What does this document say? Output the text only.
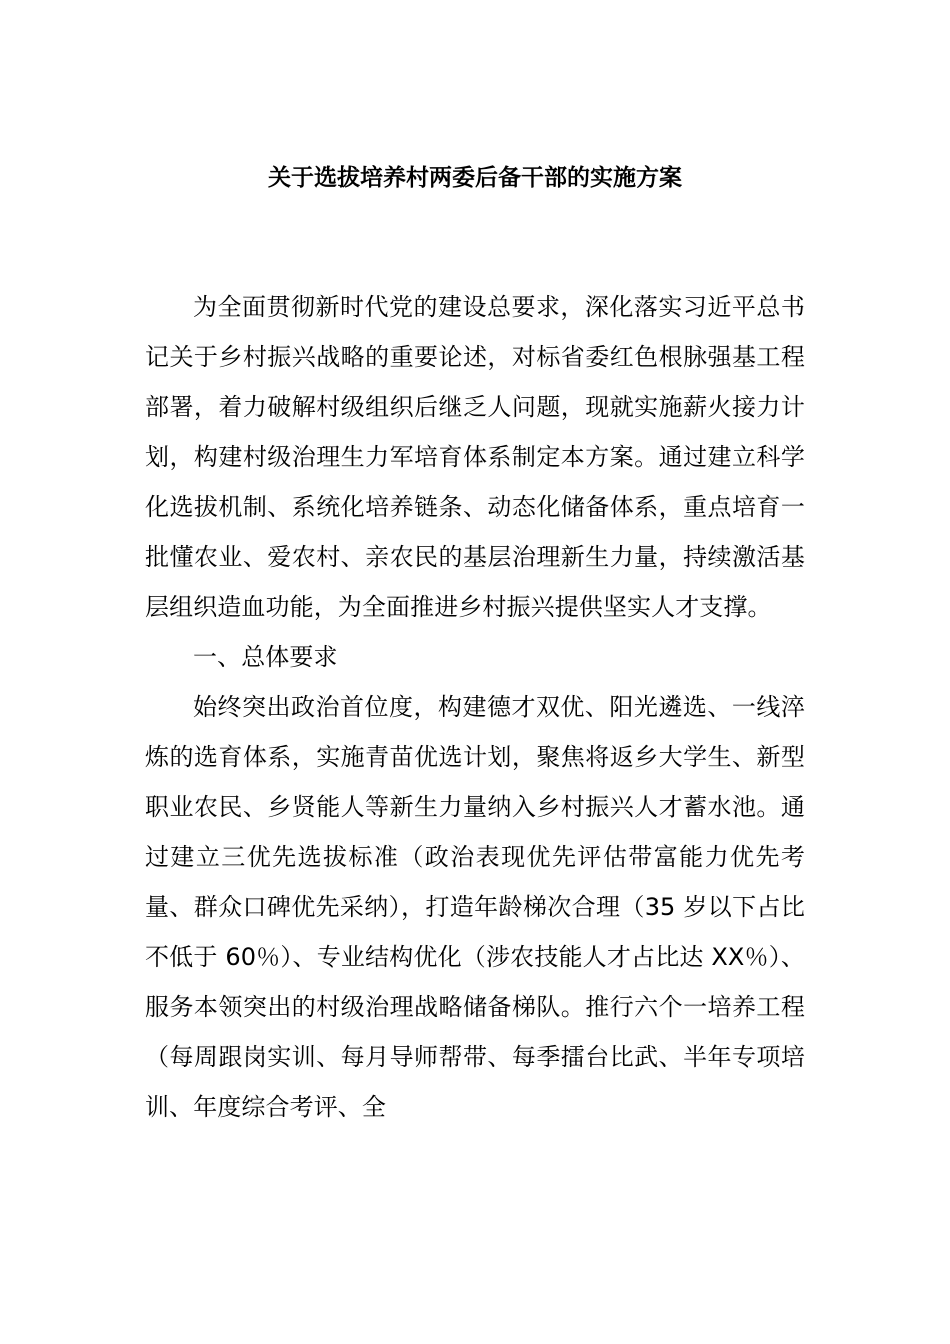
关于选拔培养村两委后备干部的实施方案

为全面贯彻新时代党的建设总要求，深化落实习近平总书记关于乡村振兴战略的重要论述，对标省委红色根脉强基工程部署，着力破解村级组织后继乏人问题，现就实施薪火接力计划，构建村级治理生力军培育体系制定本方案。通过建立科学化选拔机制、系统化培养链条、动态化储备体系，重点培育一批懂农业、爱农村、亲农民的基层治理新生力量，持续激活基层组织造血功能，为全面推进乡村振兴提供坚实人才支撑。

一、总体要求

始终突出政治首位度，构建德才双优、阳光遴选、一线淬炼的选育体系，实施青苗优选计划，聚焦将返乡大学生、新型职业农民、乡贤能人等新生力量纳入乡村振兴人才蓄水池。通过建立三优先选拔标准（政治表现优先评估带富能力优先考量、群众口碑优先采纳），打造年龄梯次合理（35 岁以下占比不低于 60％）、专业结构优化（涉农技能人才占比达 XX％）、服务本领突出的村级治理战略储备梯队。推行六个一培养工程（每周跟岗实训、每月导师帮带、每季擂台比武、半年专项培训、年度综合考评、全
